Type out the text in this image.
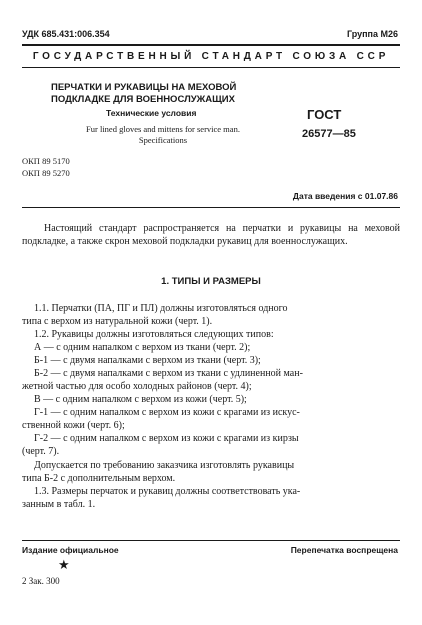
УДК 685.431:006.354	Группа М26
ГОСУДАРСТВЕННЫЙ СТАНДАРТ СОЮЗА ССР
ПЕРЧАТКИ И РУКАВИЦЫ НА МЕХОВОЙ
ПОДКЛАДКЕ ДЛЯ ВОЕННОСЛУЖАЩИХ
Технические условия
Fur lined gloves and mittens for service man.
Specifications
ГОСТ
26577—85
ОКП 89 5170
ОКП 89 5270
Дата введения с 01.07.86
Настоящий стандарт распространяется на перчатки и рукавицы на меховой подкладке, а также скрон меховой подкладки рукавиц для военнослужащих.
1. ТИПЫ И РАЗМЕРЫ
1.1. Перчатки (ПА, ПГ и ПЛ) должны изготовляться одного
типа с верхом из натуральной кожи (черт. 1).
1.2. Рукавицы должны изготовляться следующих типов:
А — с одним напалком с верхом из ткани (черт. 2);
Б-1 — с двумя напалками с верхом из ткани (черт. 3);
Б-2 — с двумя напалками с верхом из ткани с удлиненной ман-
жетной частью для особо холодных районов (черт. 4);
В — с одним напалком с верхом из кожи (черт. 5);
Г-1 — с одним напалком с верхом из кожи с крагами из искус-
ственной кожи (черт. 6);
Г-2 — с одним напалком с верхом из кожи с крагами из кирзы
(черт. 7).
Допускается по требованию заказчика изготовлять рукавицы
типа Б-2 с дополнительным верхом.
1.3. Размеры перчаток и рукавиц должны соответствовать ука-
занным в табл. 1.
Издание официальное	Перепечатка воспрещена
★
2 Зак. 300
